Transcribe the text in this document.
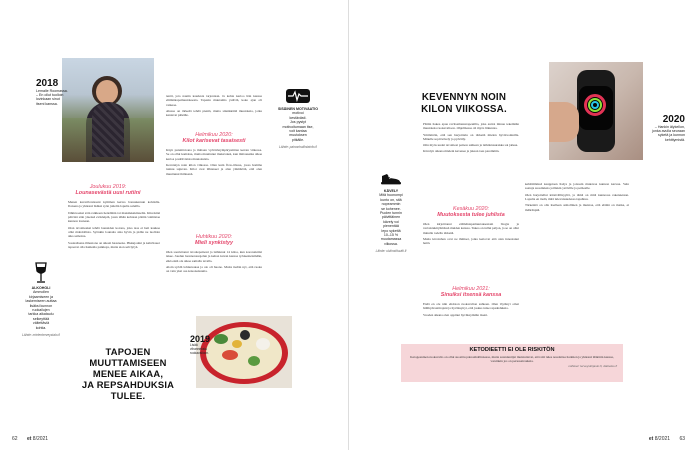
2018
Lemalle Roomassa.
– En ollut tuolloin
lovinkaan sinut
itseni kanssa.
Joulukuu 2019:
Lounasevästä uusi rutiini

Menen kaveriboxissani kymmen kertaa bonuskeruun kohdalle. Iloisena ja yhdessä lisäksi syön juttelin lopulta saleilla.

Jälkiruoaksi söin raikkaan hedelmän tai mansikkakiisselin. Kiireisinä päivinä söin yleensä eväsleipiä, joten tähän kohtaan päätin valmistaa kunnon lounaan.

Otan tavoitteeksi tehdä lounaiden kotona, joka taas ei heti kaukaa ollut mahdollista. Syönkin lounaita aina hyvin ja pidän ne tuolloin aika samoina.

Sosiaalisena ilmastona on aikoni haasteena. Pikkujoulut ja kahvitauot tapaavat olla hankalia paikkoja, mutta aion selviytyä.

ALKOHOLI
Ammollen
kirjaamiseen ja
laskemiseen auttaa
lisäksi kunnon
ruokailujen
tarkka aikataulu
selkeyttää
vältettäviä
kohtia.
Lähde: mielenterveystalo.fi

tentti, jota nautin kaudesta tarjontaan. Ja kohta kertoo hän kanssa elämäntapamuutoksesta. Tapasin muutamia ystäviä, koko ajan oli vaikeaa.

Alussa on tärkeää tehdä pieniä, mutta sinnikkäitä muutoksia, jotka kantavat pitkälle.

Helmikuu 2020:
Kilot karisevat tasaisesti

Käyn punnittavana ja mittaan vyötärönympärysmitan kerran viikossa. Se on ollut kamalaa, mutta muuttunut mukavaksi, kun mittausaika alkaa kertoa positiivisista muutoksista.

Kevennyn noin kilon viikossa. Olen kuin flow-tilassa, jossa homma tuntuu sujuvan. Kilot ovat lähteneet ja alan ymmärtää, että olen muuttunut ihmisenä.

Huhtikuu 2020:
Mieli synkistyy

Olen saavuttanut tavoitepainoni ja laihtunut 14 kiloa, kun koronakriisi iskee. Joudun luonnonsuojelun ja kehon kuvan kanssa työskentelemään, eikä enää ole aikaa samalla tavalla.

Aloin syödä lohturuokaa ja olo oli huono. Mutta tiedän nyt, että ruoka on vain yksi osa kokonaisuutta.

SISÄINEN MOTIVAATIO
motivoi
kestävästi.
Jos pystyt
motivoitumaan itse,
voit kantaa
muutoksen
pitkälle.
Lähde: painonhallintainfo.fi
2019
Lisää
vihanneksia
ruokavalioon.
TAPOJEN
MUUTTAMISEEN
MENEE AIKAA,
JA REPSAHDUKSIA
TULEE.
62 et 8/2021
KEVENNYN NOIN
KILON VIIKOSSA.
2020
– Hankin älykellon,
jonka avulla seuraan
syketä ja kunnon
kehittymistä.

Päätin hakea apua ravitsemusterapeutilta, joka auttoi minua tekemään muutoksia ruokavalioon. Ohjelmassa oli myös liikuntaa.

Ymmärrän, että sen harjoittelu on tärkeää mielen hyvinvoinnille. Minulle sopii kävely ja pyöräily.

Otin myös uudet tavoitteet painon suhteen ja laihdutusurakka sai jatkua.

Kävelyn aikana mieleni kevenee ja jaksan taas paremmin.

KÄVELY
Mitä huonompi
kunto on, sitä
nopeammin
se kohenee.
Puolen tunnin
päivittäinen
kävely voi
pienentää
lepo sykettä
10–15 %
muutamassa
viikossa.
Lähde: ukkinstituutti.fi
Kesäkuu 2020:
Muutoksesta tulee juhlista

Olen kirjoittanut elämäntapamuutoksestani blogia ja vertaistukiryhmässä muiden kanssa. Tukea on tullut paljon, ja se on ollut minulle todella tärkeää.

Mutta kivoinhan ovat ne ihmiset, jotka kertovat että olen innostanut heitä.

Helmikuu 2021:
Sinuiksi itsensä kanssa

Enää en ole niin ehdoton ruokavalion suhteen. Olen löytänyt omat hiilihydraattirajani ja hyväksynyt, että joskus tulee repsahduksia.

Vuoden aikana olen oppinut hyväksymään itseni.

kehittämässä kauppiaan lisäys ja joissain mukavaa kunnon kasvua. Vein saatuja suosituksia joillekin ystäville ja perheelle.

Olen harjoitellut kärsivällisyyttä, ja tämä on mitä kunnossa rakennetaan. Lopulta en tiedä, mitä tulevaisuudessa tapahtuu.

Tärkeintä on olla itselleen armollinen ja muistaa, että elämä on matka, ei määränpää.

KETODIEETTI EI OLE RISKITÖN
Ketogeeninen ruokavalio on ollut suosittu painonhallinnassa, mutta asiantuntijat muistuttavat, että sitä tulee noudattaa harkiten ja yhdessä lääkärin kanssa, varsinkin jos on perussairauksia.
Lähteet: terveyskirjasto.fi, diabetes.fi
et 8/2021 63
